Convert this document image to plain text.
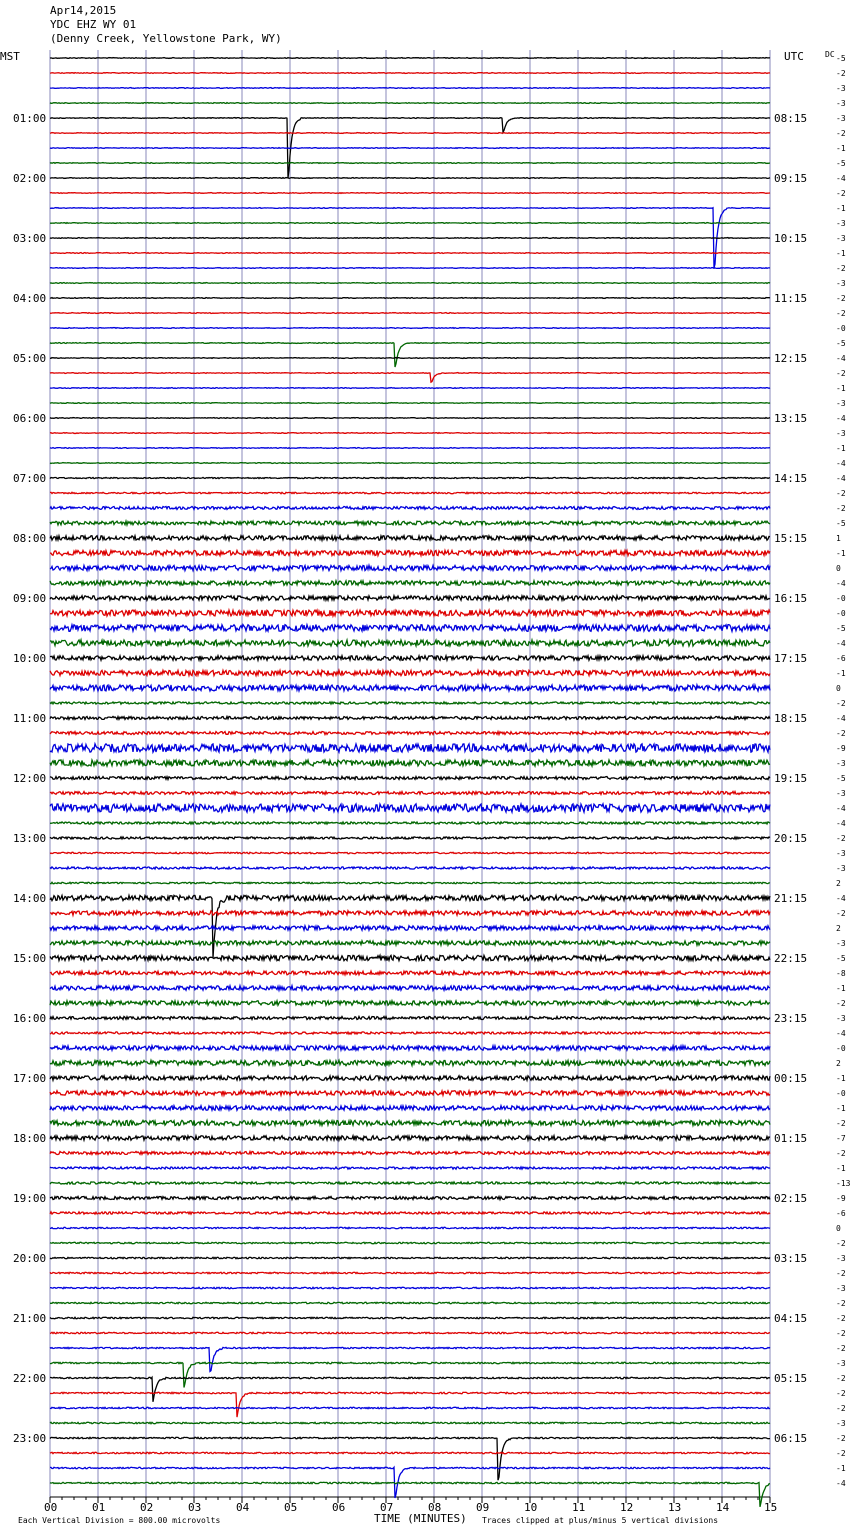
Apr14,2015
YDC EHZ WY 01
(Denny Creek, Yellowstone Park, WY)
00	01	02	03	04	05	06	07	08	09	10	11	12	13	14	15
-5
-2
-3
-3
-3
-2
-1
-5
-4
-2
-1
-3
-3
-1
-2
-3
-2
-2
-0
-5
-4
-2
-1
-3
-4
-3
-1
-4
-4
-2
-2
-5
1
-1
0
-4
-0
-0
-5
-4
-6
-1
0
-2
-4
-2
-9
-3
-5
-3
-4
-4
-2
-3
-3
2
-4
-2
2
-3
-5
-8
-1
-2
-3
-4
-0
2
-1
-0
-1
-2
-7
-2
-1
-13
-9
-6
0
-2
-3
-2
-3
-2
-2
-2
-2
-3
-2
-2
-2
-3
-2
-2
-1
-4
01:00
02:00
03:00
04:00
05:00
06:00
07:00
08:00
09:00
10:00
11:00
12:00
13:00
14:00
15:00
16:00
17:00
18:00
19:00
20:00
21:00
22:00
23:00
08:15
09:15
10:15
11:15
12:15
13:15
14:15
15:15
16:15
17:15
18:15
19:15
20:15
21:15
22:15
23:15
00:15
01:15
02:15
03:15
04:15
05:15
06:15
MST	UTC	DC
TIME (MINUTES)
Each Vertical Division = 800.00 microvolts	Traces clipped at plus/minus 5 vertical divisions
